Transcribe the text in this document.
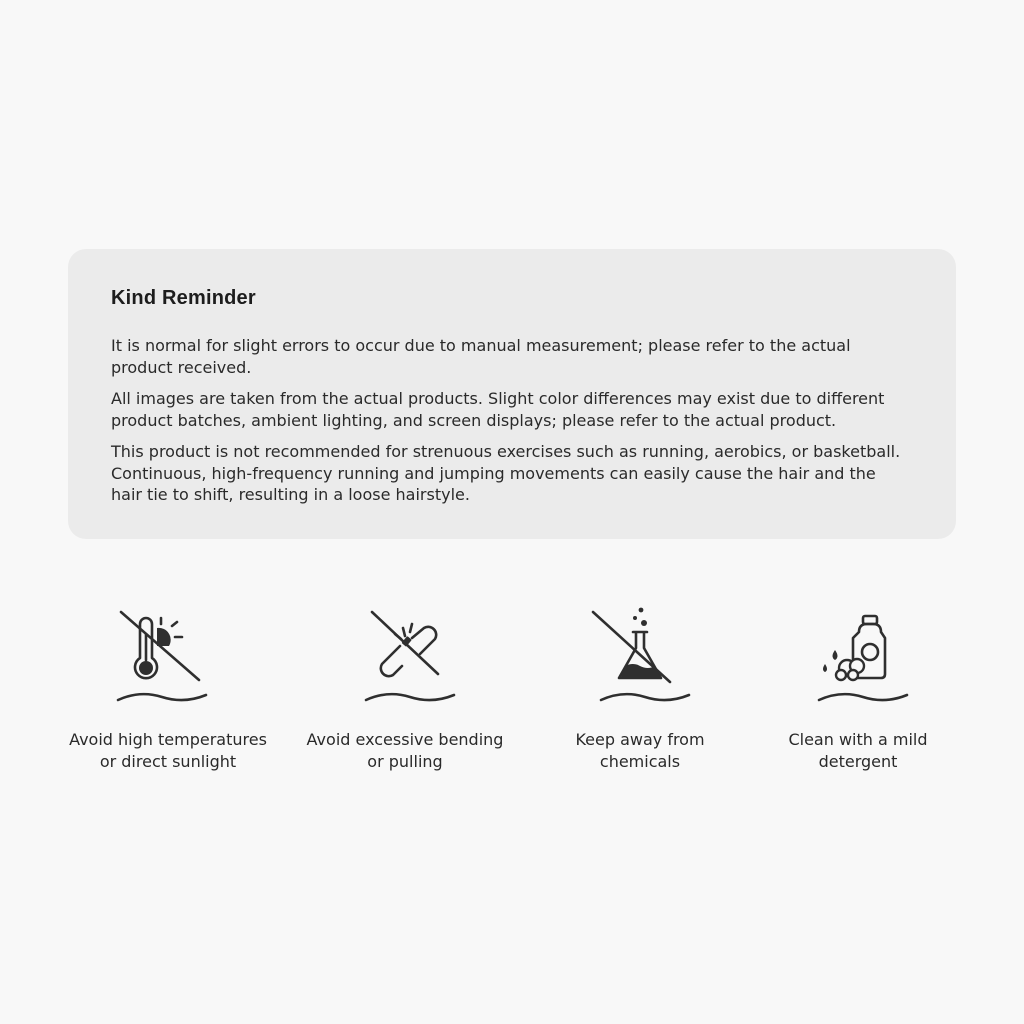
Kind Reminder

It is normal for slight errors to occur due to manual measurement; please refer to the actual
product received.

All images are taken from the actual products. Slight color differences may exist due to different
product batches, ambient lighting, and screen displays; please refer to the actual product.

This product is not recommended for strenuous exercises such as running, aerobics, or basketball.
Continuous, high-frequency running and jumping movements can easily cause the hair and the
hair tie to shift, resulting in a loose hairstyle.

Avoid high temperatures
or direct sunlight
Avoid excessive bending
or pulling
Keep away from
chemicals
Clean with a mild
detergent
